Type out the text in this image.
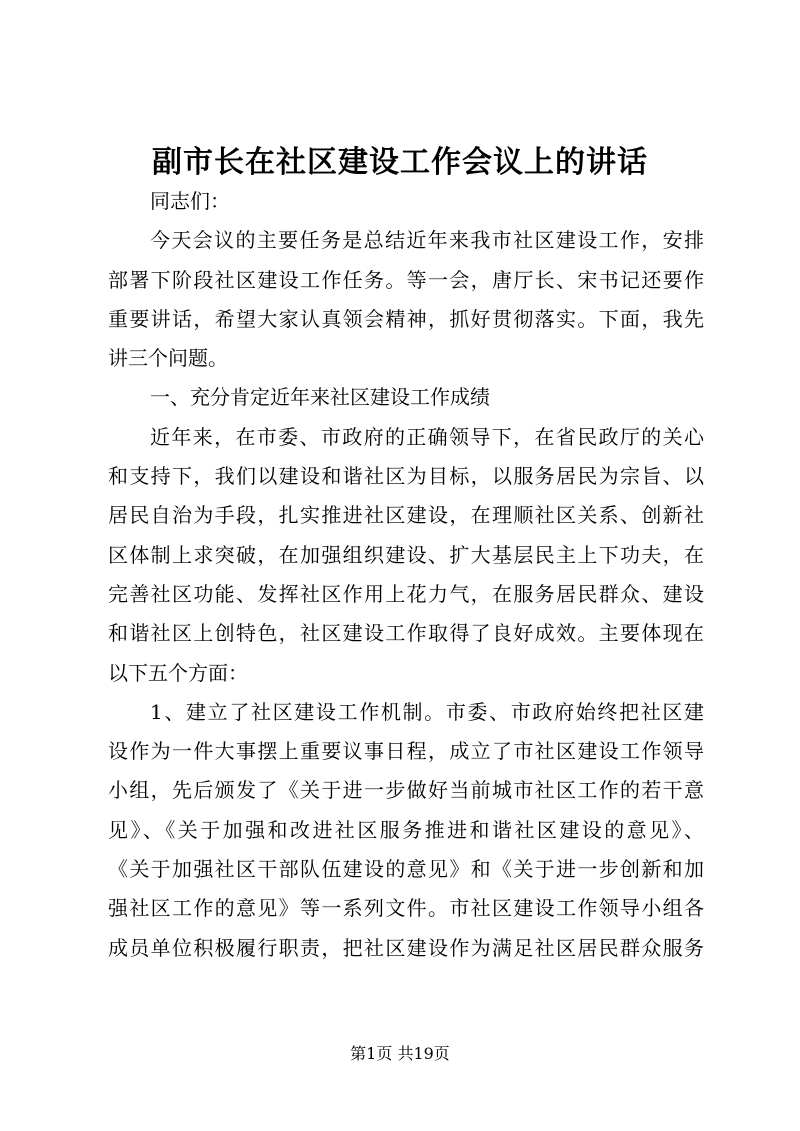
副市长在社区建设工作会议上的讲话
同志们：
今天会议的主要任务是总结近年来我市社区建设工作，安排
部署下阶段社区建设工作任务。等一会，唐厅长、宋书记还要作
重要讲话，希望大家认真领会精神，抓好贯彻落实。下面，我先
讲三个问题。
一、充分肯定近年来社区建设工作成绩
近年来，在市委、市政府的正确领导下，在省民政厅的关心
和支持下，我们以建设和谐社区为目标，以服务居民为宗旨、以
居民自治为手段，扎实推进社区建设，在理顺社区关系、创新社
区体制上求突破，在加强组织建设、扩大基层民主上下功夫，在
完善社区功能、发挥社区作用上花力气，在服务居民群众、建设
和谐社区上创特色，社区建设工作取得了良好成效。主要体现在
以下五个方面：
1、建立了社区建设工作机制。市委、市政府始终把社区建
设作为一件大事摆上重要议事日程，成立了市社区建设工作领导
小组，先后颁发了《关于进一步做好当前城市社区工作的若干意
见》、《关于加强和改进社区服务推进和谐社区建设的意见》、
《关于加强社区干部队伍建设的意见》和《关于进一步创新和加
强社区工作的意见》等一系列文件。市社区建设工作领导小组各
成员单位积极履行职责，把社区建设作为满足社区居民群众服务
第1页 共19页
